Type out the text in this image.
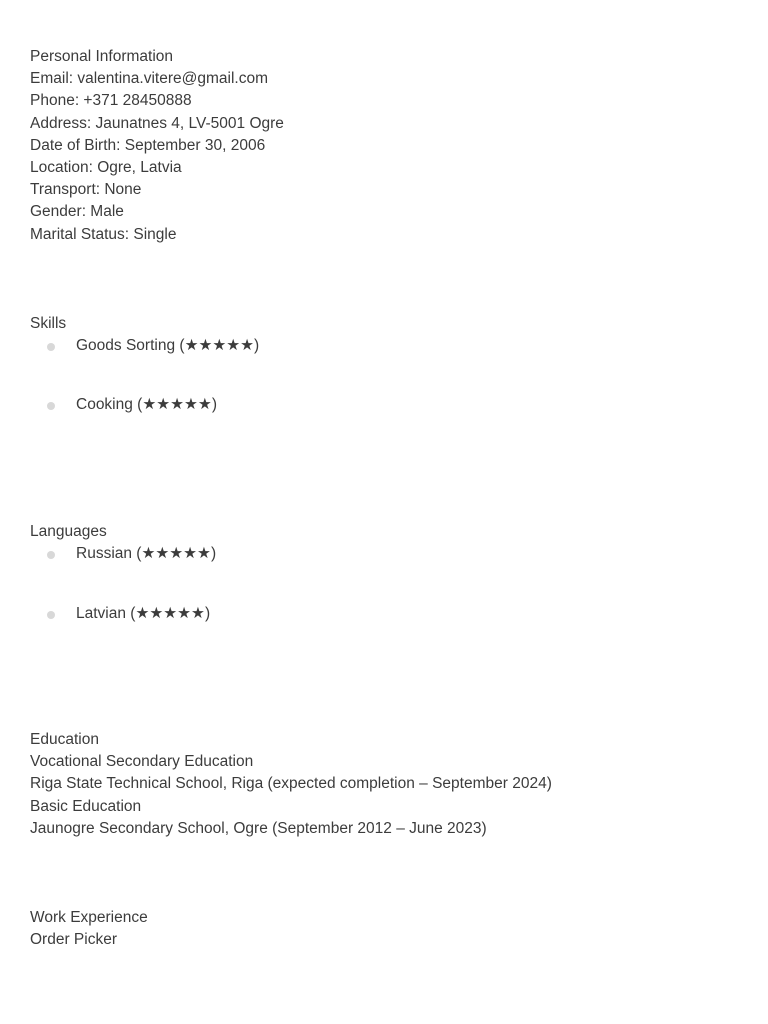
Personal Information
Email: valentina.vitere@gmail.com
Phone: +371 28450888
Address: Jaunatnes 4, LV-5001 Ogre
Date of Birth: September 30, 2006
Location: Ogre, Latvia
Transport: None
Gender: Male
Marital Status: Single
Skills
Goods Sorting (★★★★★)
Cooking (★★★★★)
Languages
Russian (★★★★★)
Latvian (★★★★★)
Education
Vocational Secondary Education
Riga State Technical School, Riga (expected completion – September 2024)
Basic Education
Jaunogre Secondary School, Ogre (September 2012 – June 2023)
Work Experience
Order Picker
